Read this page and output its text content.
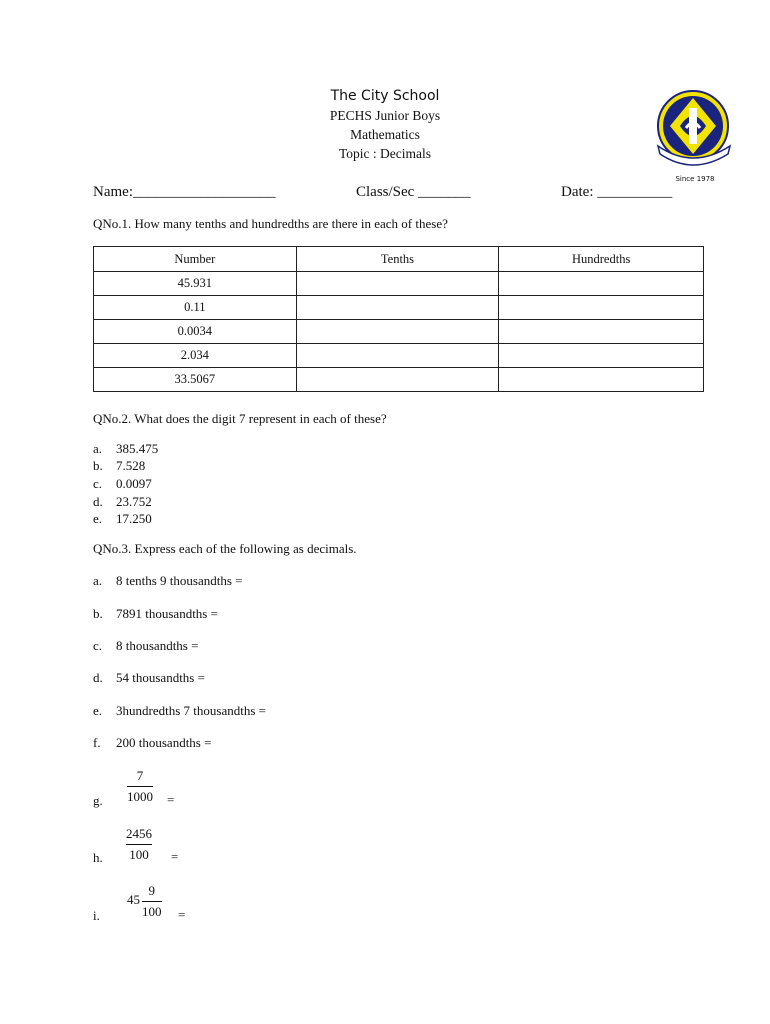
The City School
PECHS Junior Boys
Mathematics
Topic : Decimals
Since 1978
Name:___________________	Class/Sec _______	Date: __________
QNo.1. How many tenths and hundredths are there in each of these?
Number	Tenths	Hundredths
45.931		
0.11		
0.0034		
2.034		
33.5067		
QNo.2. What does the digit 7 represent in each of these?
a. 385.475
b. 7.528
c. 0.0097
d. 23.752
e. 17.250
QNo.3. Express each of the following as decimals.
a. 8 tenths 9 thousandths =
b. 7891 thousandths =
c. 8 thousandths =
d. 54 thousandths =
e. 3hundredths 7 thousandths =
f. 200 thousandths =
g.
7
1000 =
h.
2456
100 =
i.
45
9
100 =
